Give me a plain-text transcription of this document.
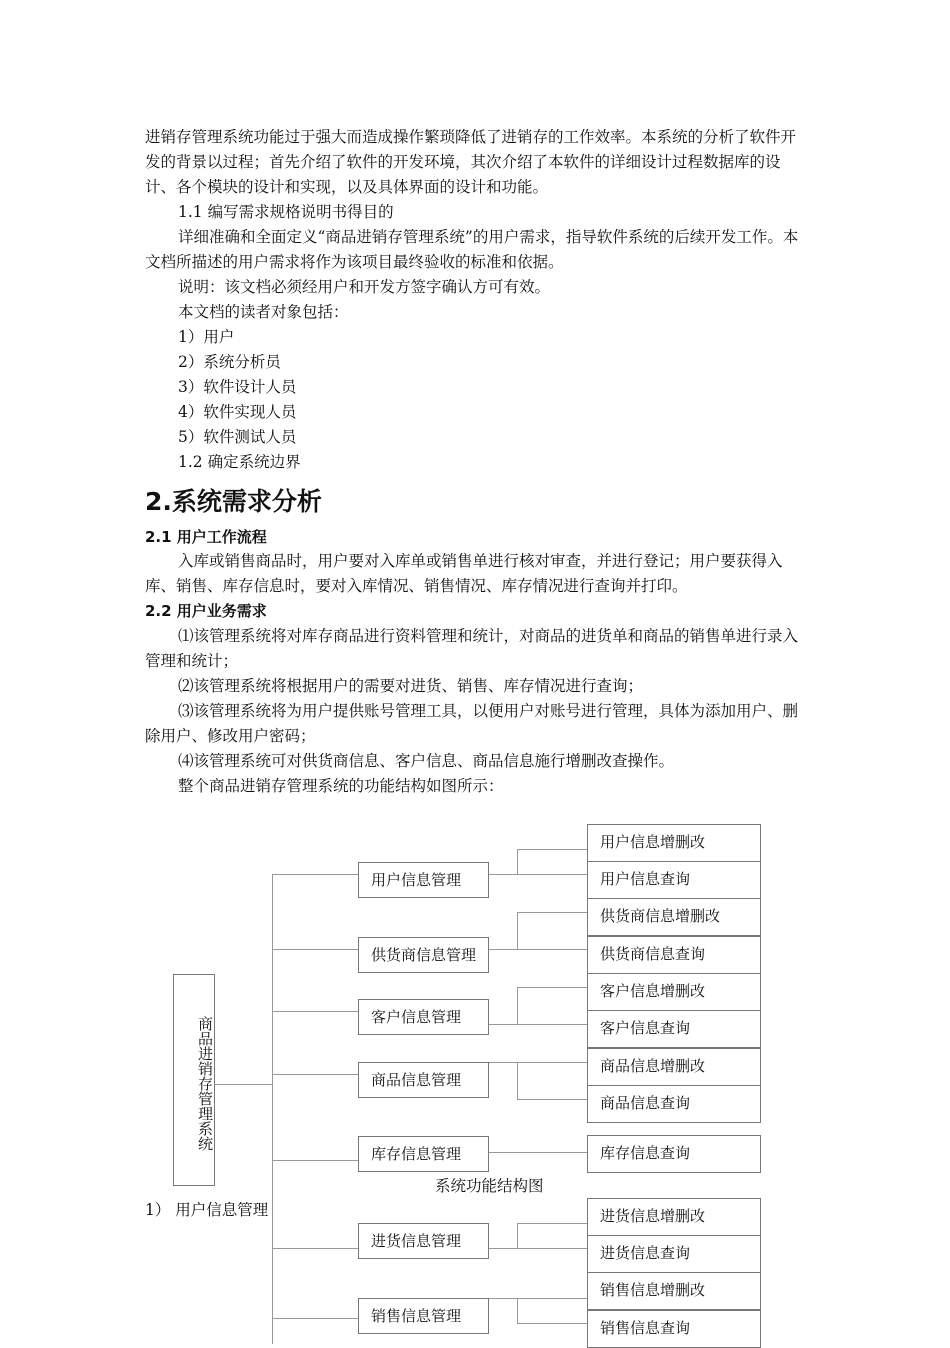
进销存管理系统功能过于强大而造成操作繁琐降低了进销存的工作效率。本系统的分析了软件开发的背景以过程；首先介绍了软件的开发环境，其次介绍了本软件的详细设计过程数据库的设计、各个模块的设计和实现，以及具体界面的设计和功能。

1.1 编写需求规格说明书得目的

详细准确和全面定义“商品进销存管理系统”的用户需求，指导软件系统的后续开发工作。本文档所描述的用户需求将作为该项目最终验收的标准和依据。

说明：该文档必须经用户和开发方签字确认方可有效。

本文档的读者对象包括：

1）用户

2）系统分析员

3）软件设计人员

4）软件实现人员

5）软件测试人员

1.2 确定系统边界

2.系统需求分析
2.1 用户工作流程

入库或销售商品时，用户要对入库单或销售单进行核对审查，并进行登记；用户要获得入库、销售、库存信息时，要对入库情况、销售情况、库存情况进行查询并打印。

2.2 用户业务需求

⑴该管理系统将对库存商品进行资料管理和统计，对商品的进货单和商品的销售单进行录入管理和统计；

⑵该管理系统将根据用户的需要对进货、销售、库存情况进行查询；

⑶该管理系统将为用户提供账号管理工具，以便用户对账号进行管理，具体为添加用户、删除用户、修改用户密码；

⑷该管理系统可对供货商信息、客户信息、商品信息施行增删改查操作。

整个商品进销存管理系统的功能结构如图所示：

商品进销存管理系统
用户信息管理
供货商信息管理
客户信息管理
商品信息管理
库存信息管理
进货信息管理
销售信息管理
用户信息增删改
用户信息查询
供货商信息增删改
供货商信息查询
客户信息增删改
客户信息查询
商品信息增删改
商品信息查询
库存信息查询
进货信息增删改
进货信息查询
销售信息增删改
销售信息查询
系统功能结构图
1） 用户信息管理
